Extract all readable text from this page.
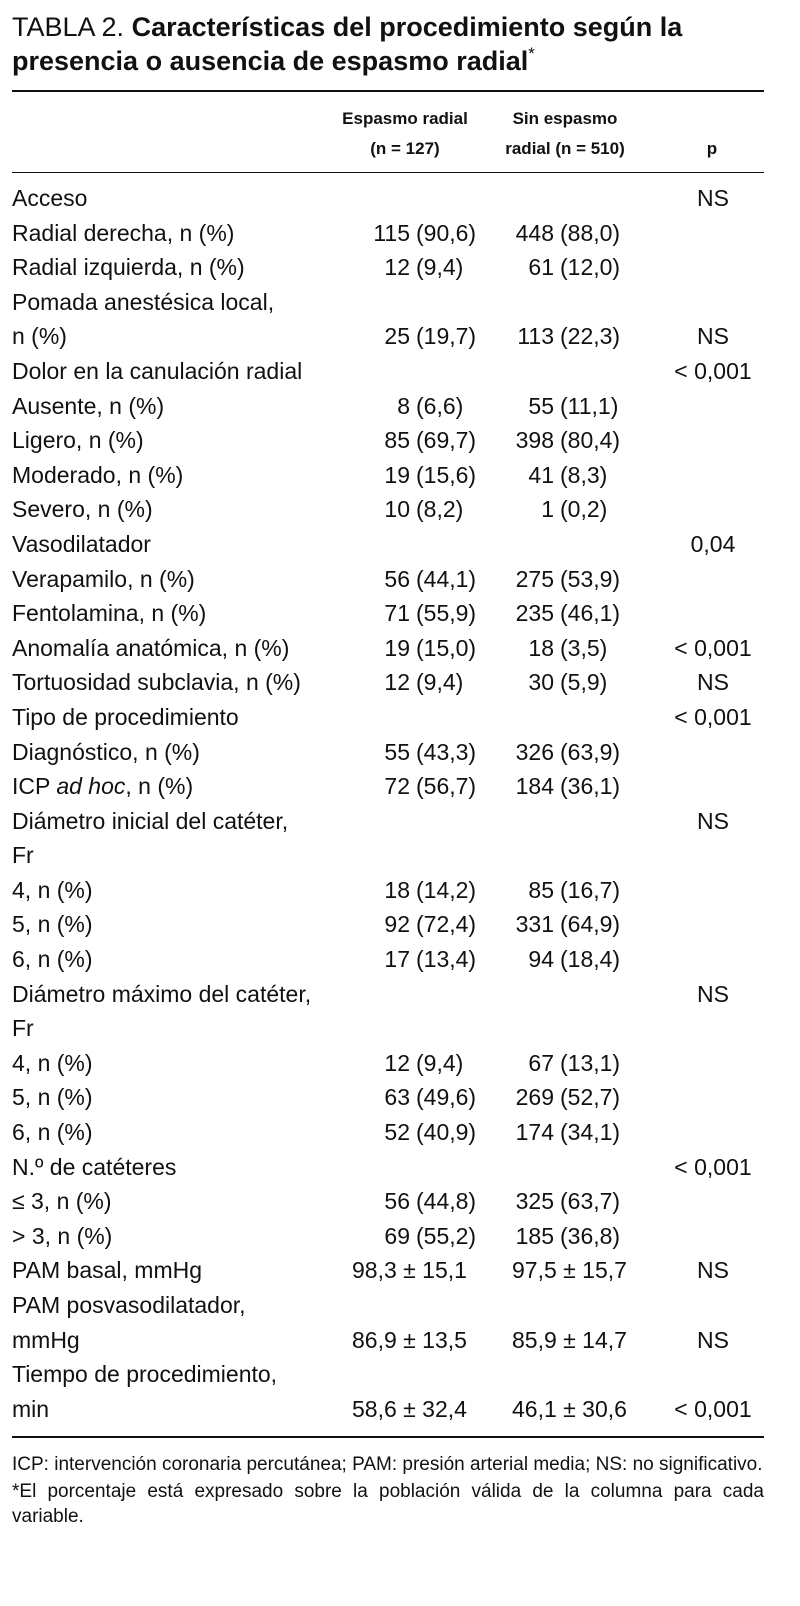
TABLA 2. Características del procedimiento según la presencia o ausencia de espasmo radial*
Espasmo radial
(n = 127)
Sin espasmo
radial (n = 510)	p
Acceso			NS
Radial derecha, n (%)	115 (90,6)	448 (88,0)	
Radial izquierda, n (%)	12 (9,4)	61 (12,0)	
Pomada anestésica local,			
n (%)	25 (19,7)	113 (22,3)	NS
Dolor en la canulación radial			< 0,001
Ausente, n (%)	8 (6,6)	55 (11,1)	
Ligero, n (%)	85 (69,7)	398 (80,4)	
Moderado, n (%)	19 (15,6)	41 (8,3)	
Severo, n (%)	10 (8,2)	1 (0,2)	
Vasodilatador			0,04
Verapamilo, n (%)	56 (44,1)	275 (53,9)	
Fentolamina, n (%)	71 (55,9)	235 (46,1)	
Anomalía anatómica, n (%)	19 (15,0)	18 (3,5)	< 0,001
Tortuosidad subclavia, n (%)	12 (9,4)	30 (5,9)	NS
Tipo de procedimiento			< 0,001
Diagnóstico, n (%)	55 (43,3)	326 (63,9)	
ICP ad hoc, n (%)	72 (56,7)	184 (36,1)	
Diámetro inicial del catéter,			NS
Fr			
4, n (%)	18 (14,2)	85 (16,7)	
5, n (%)	92 (72,4)	331 (64,9)	
6, n (%)	17 (13,4)	94 (18,4)	
Diámetro máximo del catéter,			NS
Fr			
4, n (%)	12 (9,4)	67 (13,1)	
5, n (%)	63 (49,6)	269 (52,7)	
6, n (%)	52 (40,9)	174 (34,1)	
N.º de catéteres			< 0,001
≤ 3, n (%)	56 (44,8)	325 (63,7)	
> 3, n (%)	69 (55,2)	185 (36,8)	
PAM basal, mmHg	98,3 ± 15,1	97,5 ± 15,7	NS
PAM posvasodilatador,			
mmHg	86,9 ± 13,5	85,9 ± 14,7	NS
Tiempo de procedimiento,			
min	58,6 ± 32,4	46,1 ± 30,6	< 0,001

ICP: intervención coronaria percutánea; PAM: presión arterial media; NS: no significativo.

*El porcentaje está expresado sobre la población válida de la columna para cada variable.
